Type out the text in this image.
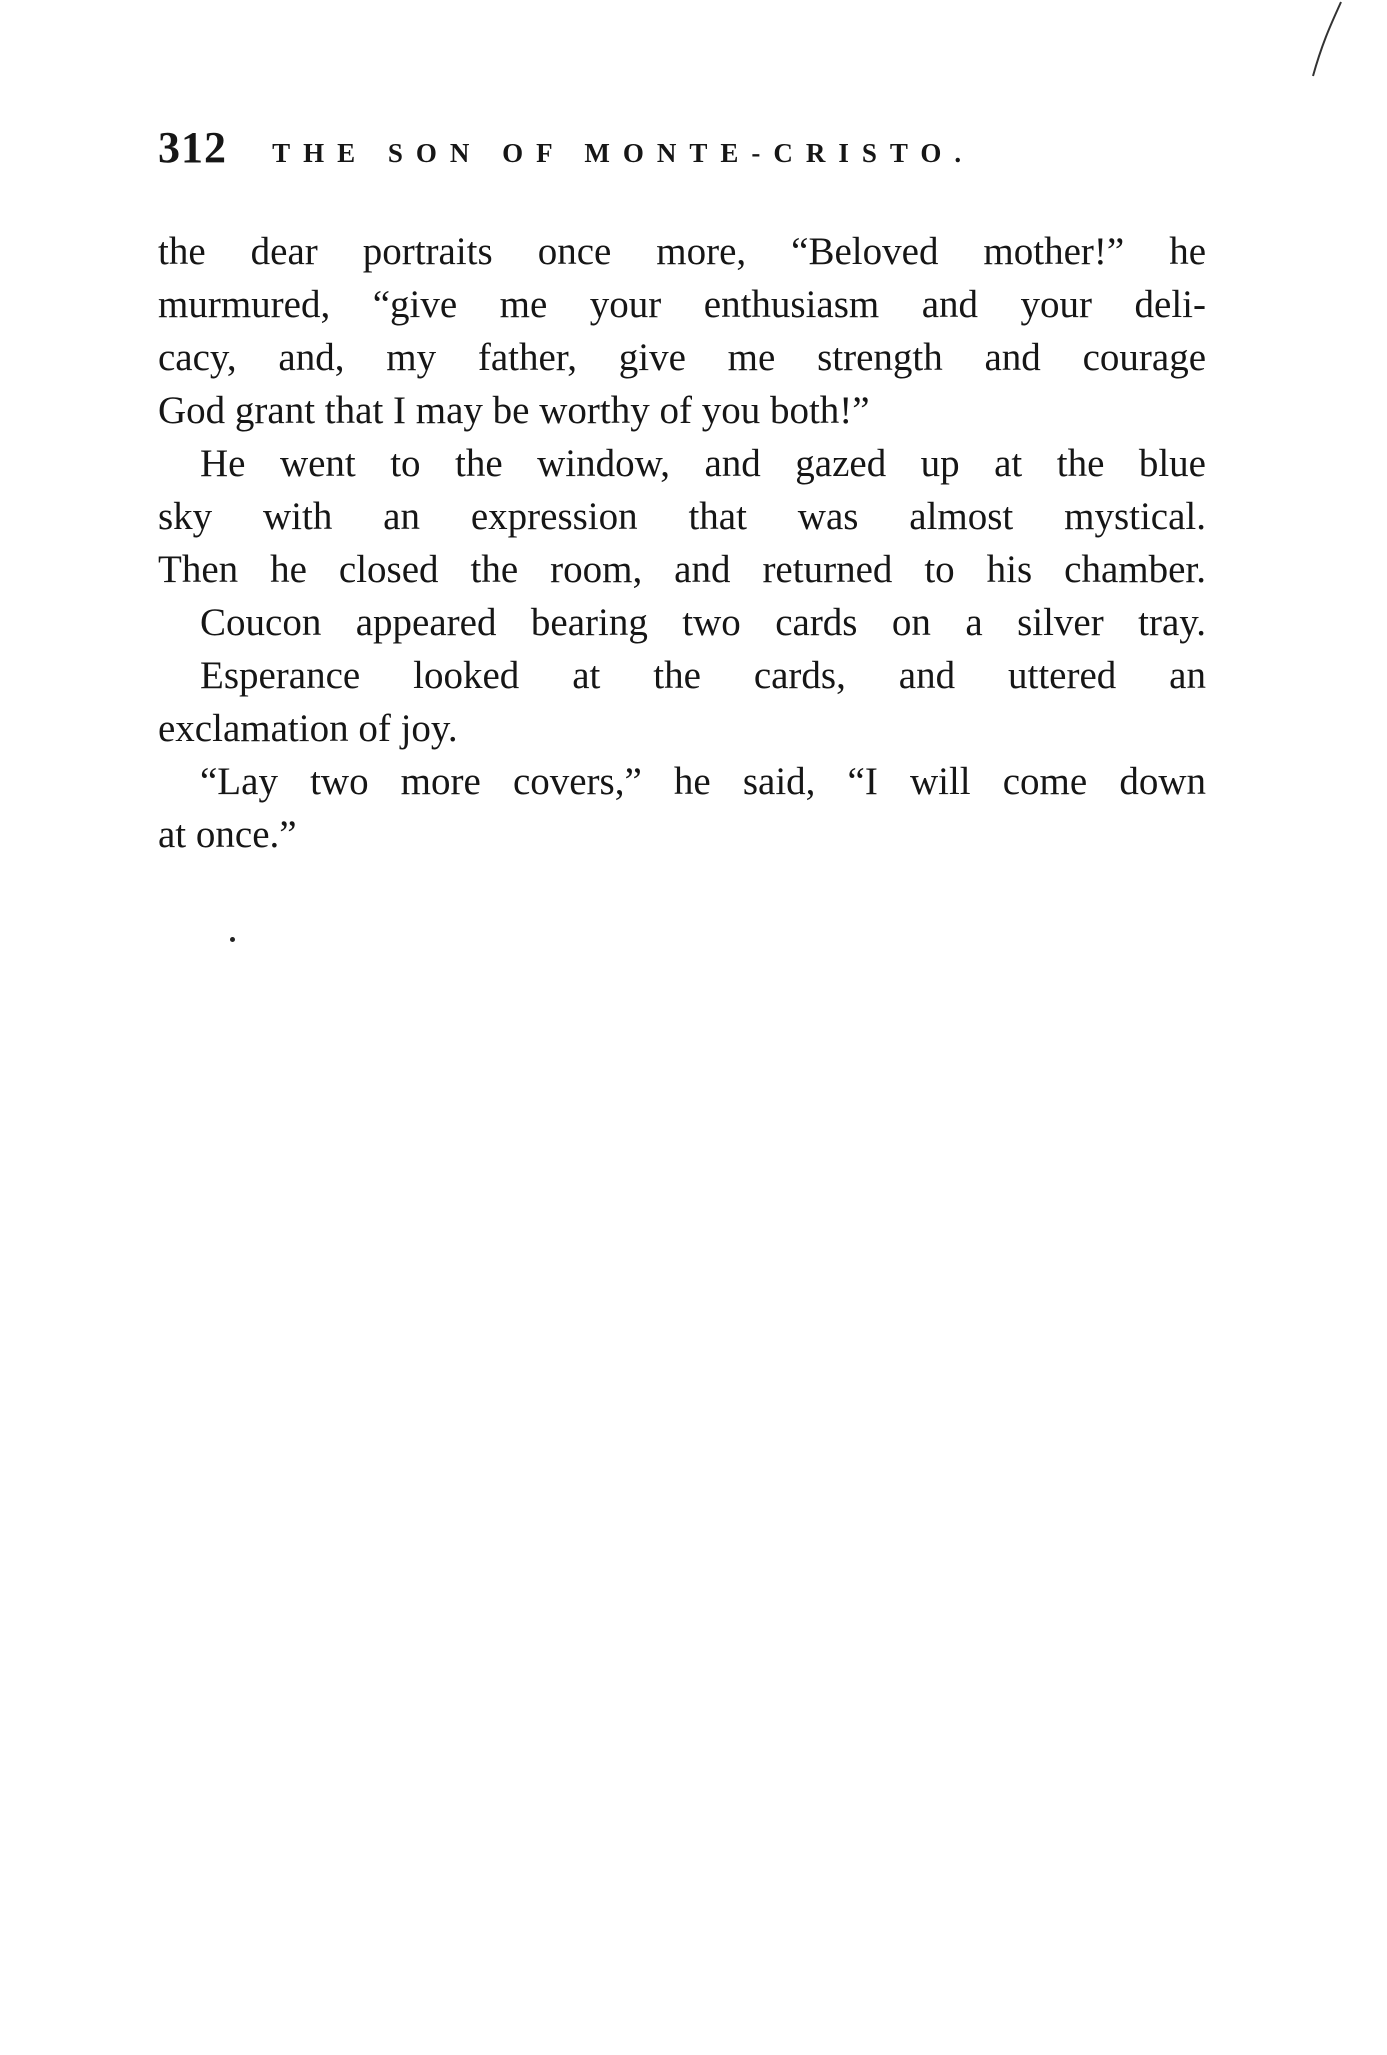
312 THE SON OF MONTE-CRISTO.
the dear portraits once more, “Beloved mother!” he
murmured, “give me your enthusiasm and your deli-
cacy, and, my father, give me strength and courage
God grant that I may be worthy of you both!”
He went to the window, and gazed up at the blue
sky with an expression that was almost mystical.
Then he closed the room, and returned to his chamber.
Coucon appeared bearing two cards on a silver tray.
Esperance looked at the cards, and uttered an
exclamation of joy.
“Lay two more covers,” he said, “I will come down
at once.”
